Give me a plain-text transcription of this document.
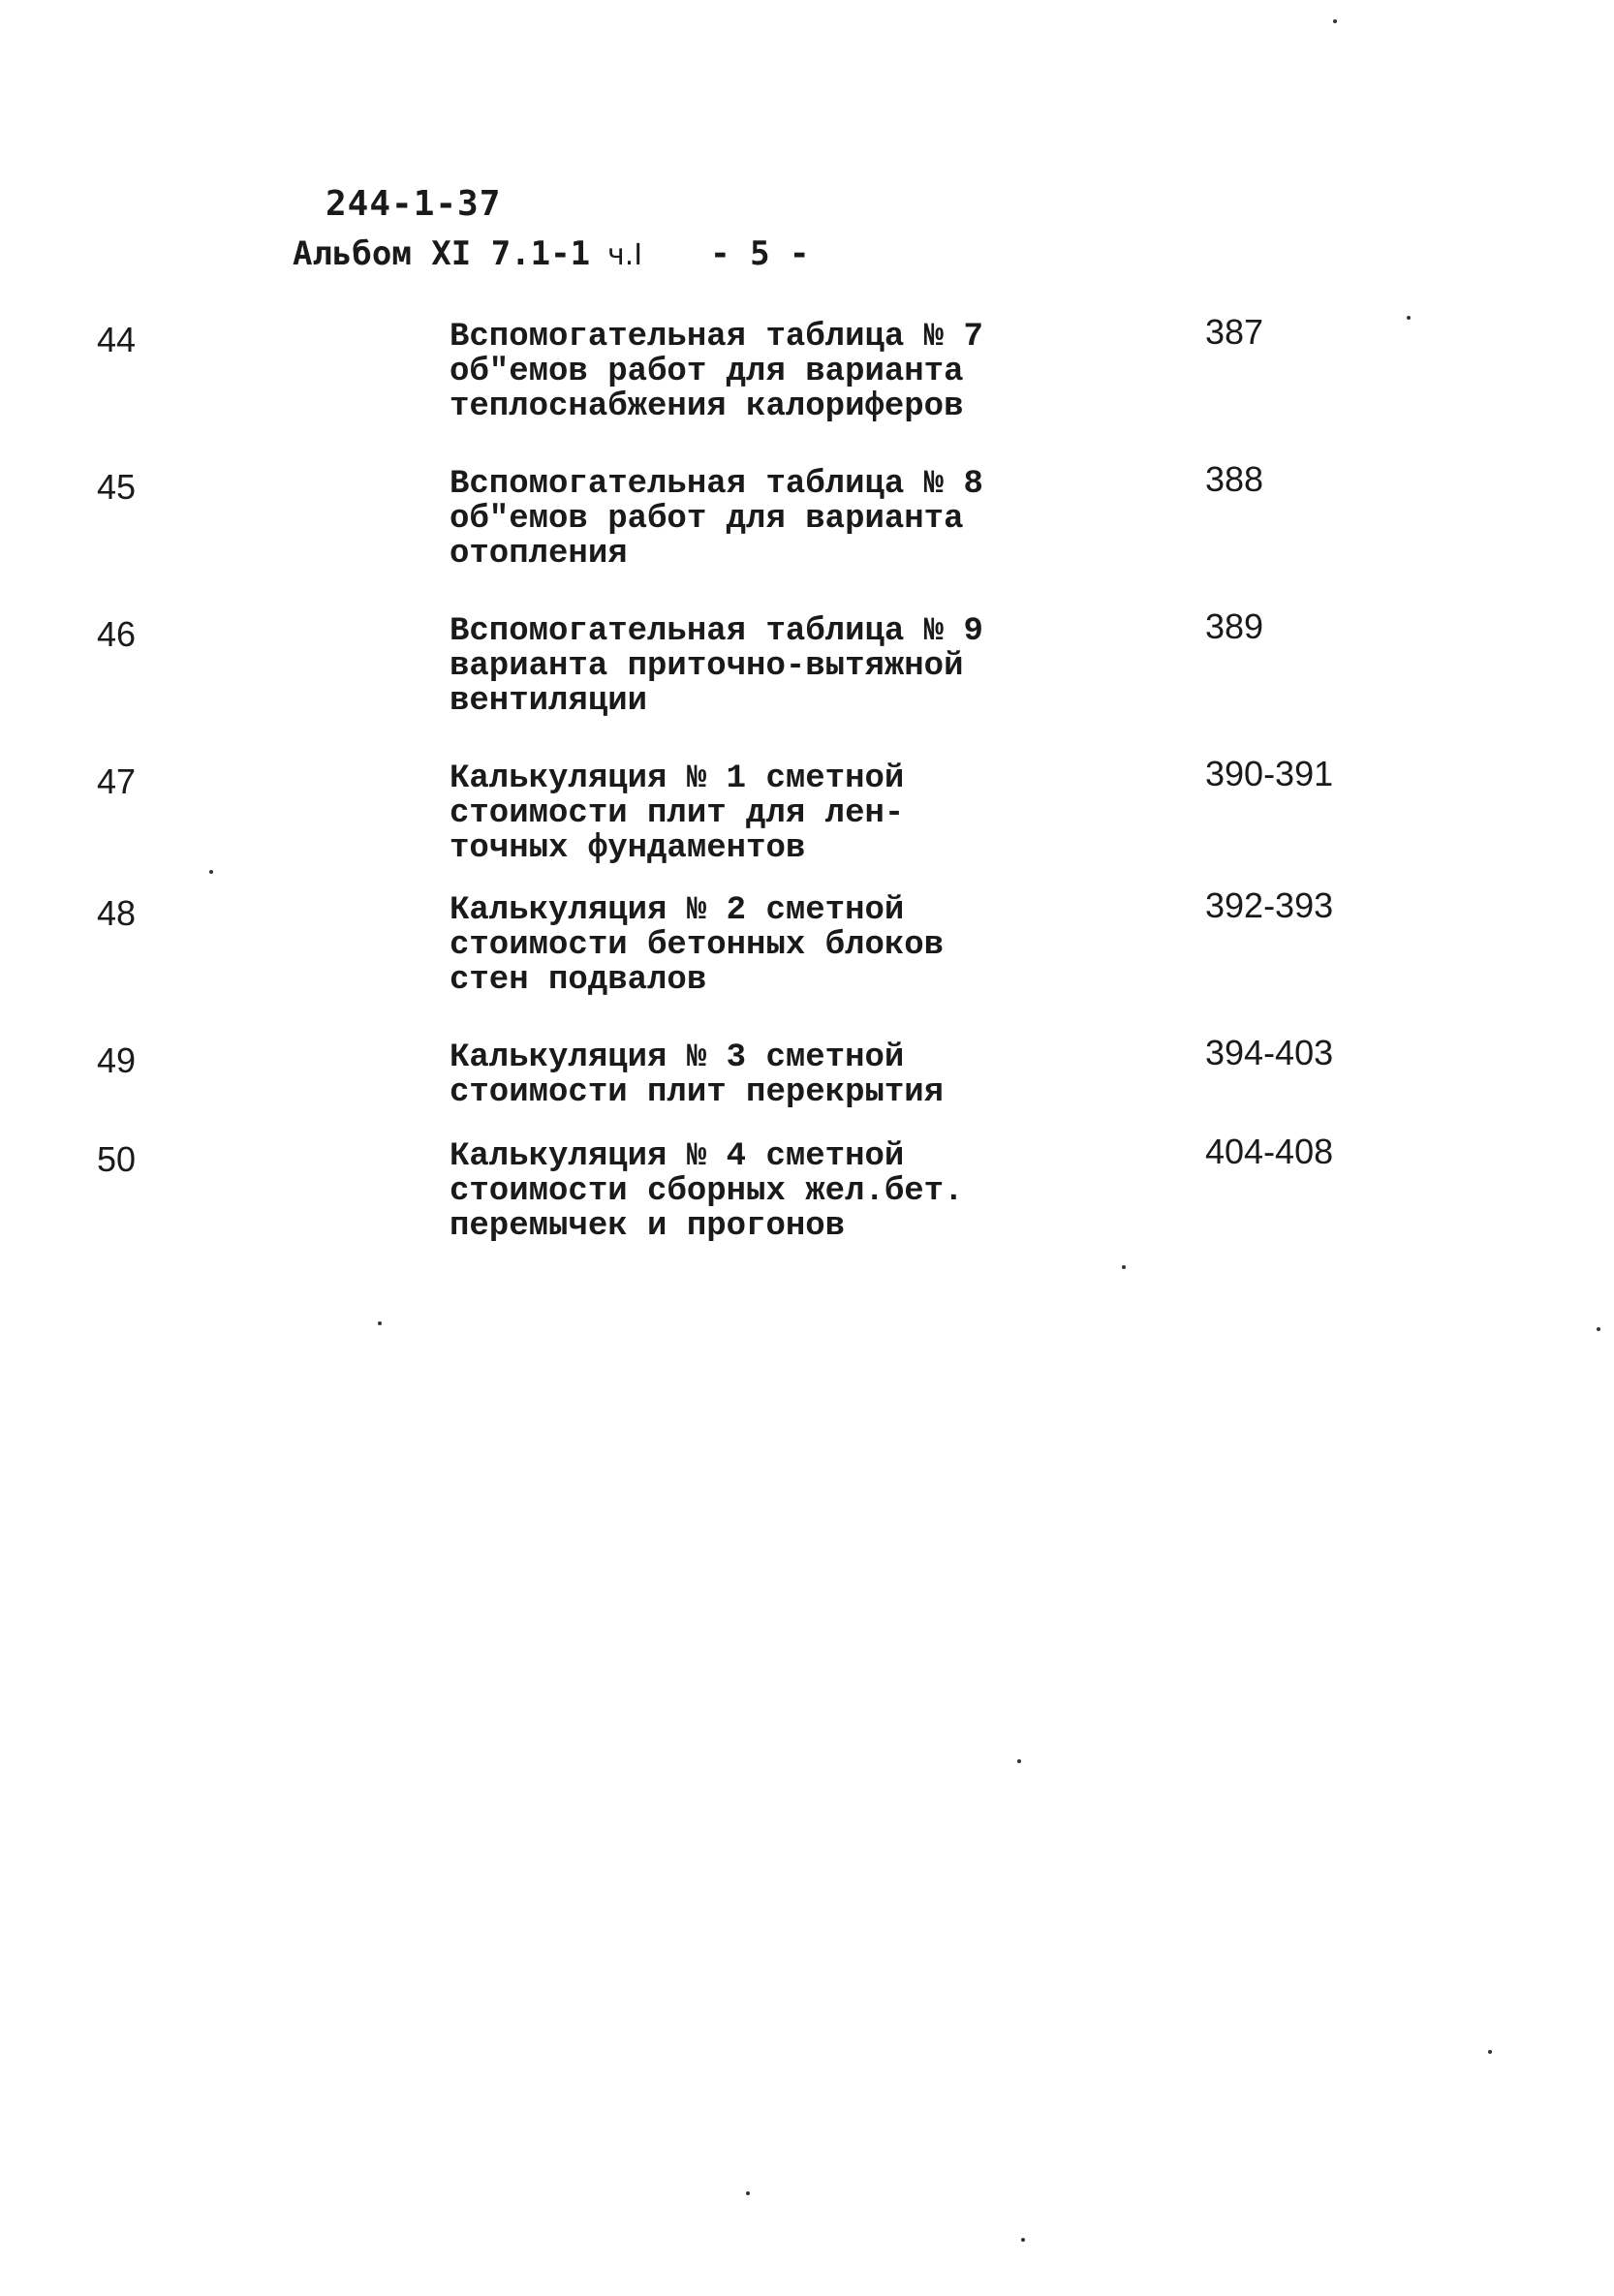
244-1-37
Альбом XI 7.1-1 ч.I - 5 -
44	Вспомогательная таблица № 7
об"емов работ для варианта
теплоснабжения калориферов
387
45	Вспомогательная таблица № 8
об"емов работ для варианта
отопления
388
46	Вспомогательная таблица № 9
варианта приточно-вытяжной
вентиляции
389
47	Калькуляция № 1 сметной
стоимости плит для лен-
точных фундаментов
390-391
48	Калькуляция № 2 сметной
стоимости бетонных блоков
стен подвалов
392-393
49	Калькуляция № 3 сметной
стоимости плит перекрытия
394-403
50	Калькуляция № 4 сметной
стоимости сборных жел.бет.
перемычек и прогонов
404-408
